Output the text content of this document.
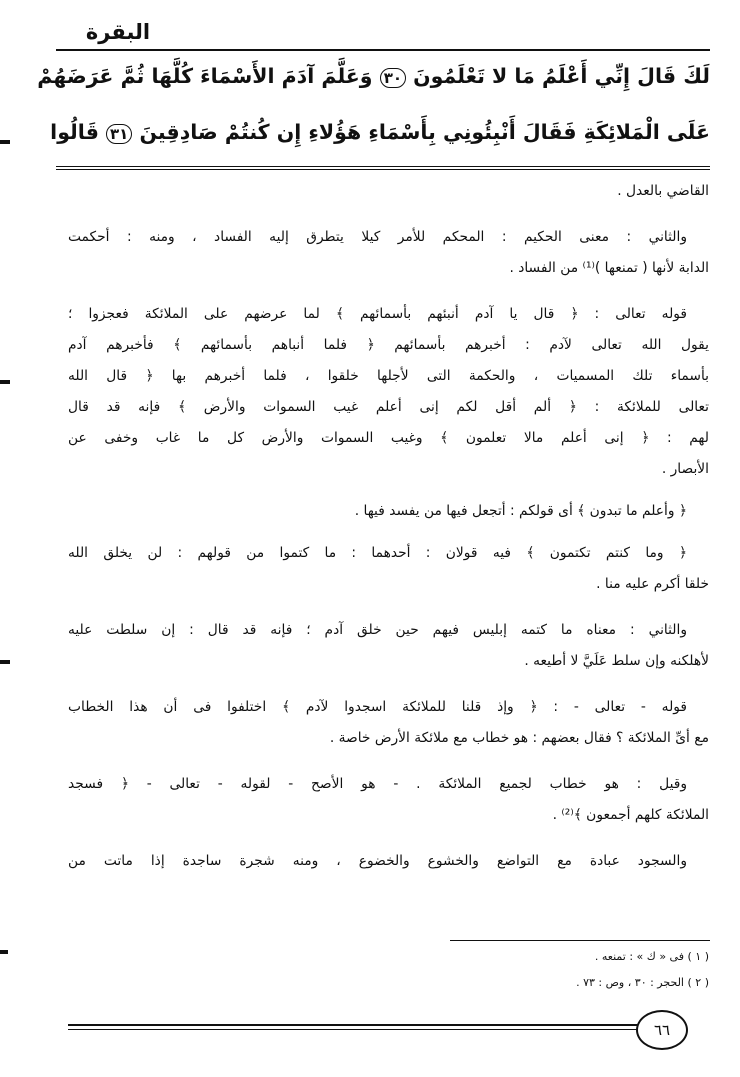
البقرة
لَكَ قَالَ إِنِّي أَعْلَمُ مَا لا تَعْلَمُونَ ٣٠ وَعَلَّمَ آدَمَ الأَسْمَاءَ كُلَّهَا ثُمَّ عَرَضَهُمْ
عَلَى الْمَلائِكَةِ فَقَالَ أَنْبِئُونِي بِأَسْمَاءِ هَؤُلاءِ إِن كُنتُمْ صَادِقِينَ ٣١ قَالُوا
القاضي بالعدل .
والثاني : معنى الحكيم : المحكم للأمر كيلا يتطرق إليه الفساد ، ومنه : أحكمت
الدابة لأنها ( تمنعها )⁽¹⁾ من الفساد .
قوله تعالى : ﴿ قال يا آدم أنبئهم بأسمائهم ﴾ لما عرضهم على الملائكة فعجزوا ؛
يقول الله تعالى لآدم : أخبرهم بأسمائهم ﴿ فلما أنباهم بأسمائهم ﴾ فأخبرهم آدم
بأسماء تلك المسميات ، والحكمة التى لأجلها خلقوا ، فلما أخبرهم بها ﴿ قال الله
تعالى للملائكة : ﴿ ألم أقل لكم إنى أعلم غيب السموات والأرض ﴾ فإنه قد قال
لهم : ﴿ إنى أعلم مالا تعلمون ﴾ وغيب السموات والأرض كل ما غاب وخفى عن
الأبصار .
﴿ وأعلم ما تبدون ﴾ أى قولكم : أتجعل فيها من يفسد فيها .
﴿ وما كنتم تكتمون ﴾ فيه قولان : أحدهما : ما كتموا من قولهم : لن يخلق الله
خلقا أكرم عليه منا .
والثاني : معناه ما كتمه إبليس فيهم حين خلق آدم ؛ فإنه قد قال : إن سلطت عليه
لأهلكنه وإن سلط عَلَيَّ لا أطيعه .
قوله - تعالى - : ﴿ وإذ قلنا للملائكة اسجدوا لآدم ﴾ اختلفوا فى أن هذا الخطاب
مع أىِّ الملائكة ؟ فقال بعضهم : هو خطاب مع ملائكة الأرض خاصة .
وقيل : هو خطاب لجميع الملائكة . - هو الأصح - لقوله - تعالى - ﴿ فسجد
الملائكة كلهم أجمعون ﴾⁽²⁾ .
والسجود عبادة مع التواضع والخشوع والخضوع ، ومنه شجرة ساجدة إذا ماتت من
( ١ ) فى « ك » : تمنعه .
( ٢ ) الحجر : ٣٠ ، وص : ٧٣ .
٦٦
